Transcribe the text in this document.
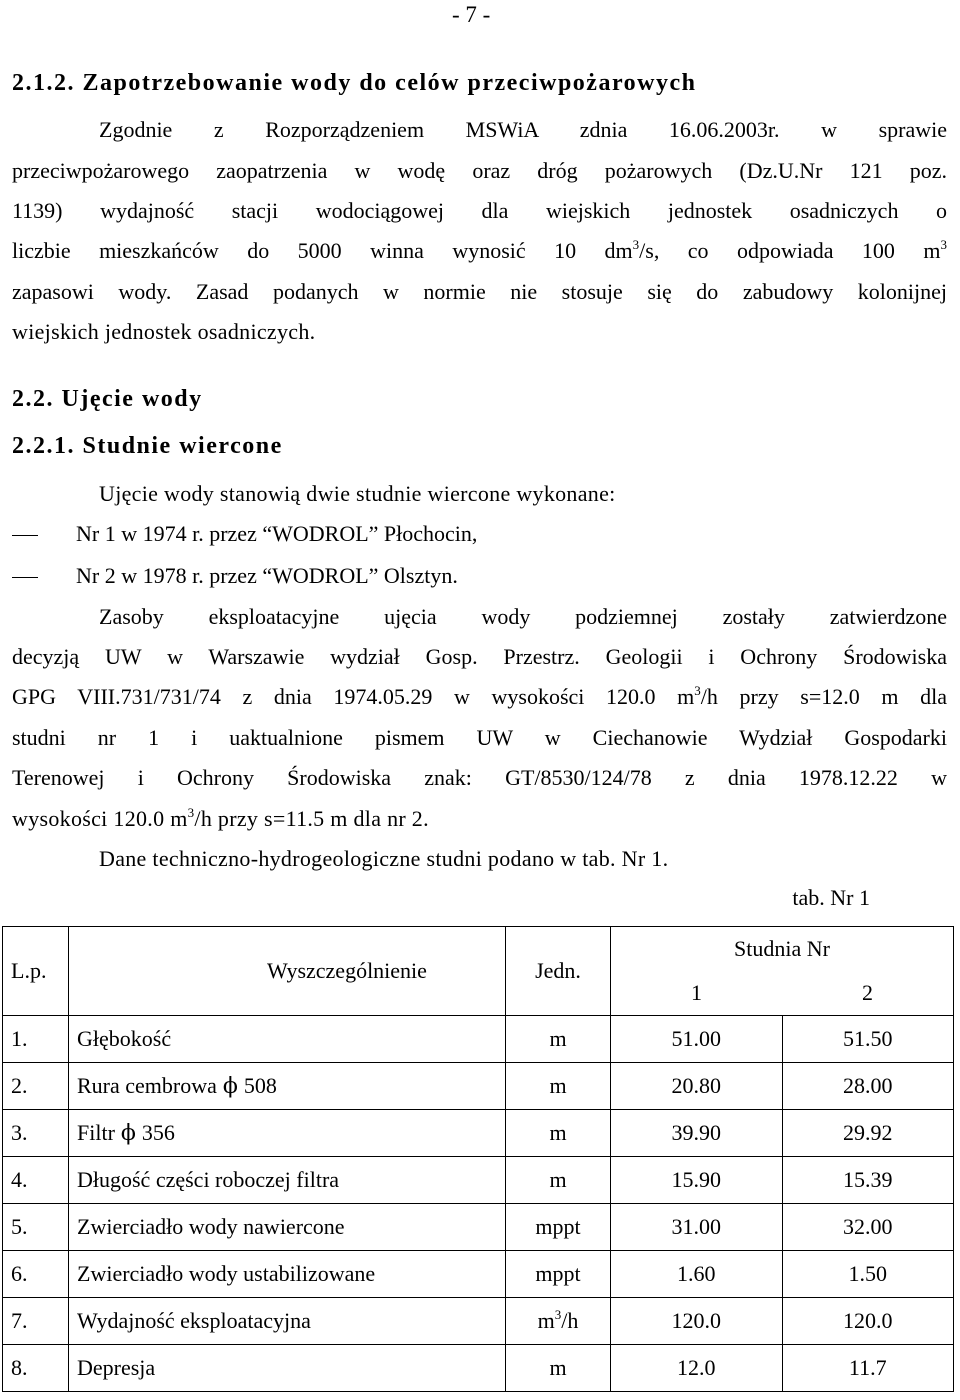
- 7 -
2.1.2. Zapotrzebowanie wody do celów przeciwpożarowych
Zgodnie z Rozporządzeniem MSWiA zdnia 16.06.2003r. w sprawie
przeciwpożarowego zaopatrzenia w wodę oraz dróg pożarowych (Dz.U.Nr 121 poz.
1139) wydajność stacji wodociągowej dla wiejskich jednostek osadniczych o
liczbie mieszkańców do 5000 winna wynosić 10 $dm^3/s$, co odpowiada 100 $m^3$
zapasowi wody. Zasad podanych w normie nie stosuje się do zabudowy kolonijnej
wiejskich jednostek osadniczych.
2.2. Ujęcie wody
2.2.1. Studnie wiercone
Ujęcie wody stanowią dwie studnie wiercone wykonane:
Nr 1 w 1974 r. przez “WODROL” Płochocin,
Nr 2 w 1978 r. przez “WODROL” Olsztyn.
Zasoby eksploatacyjne ujęcia wody podziemnej zostały zatwierdzone
decyzją UW w Warszawie wydział Gosp. Przestrz. Geologii i Ochrony Środowiska
GPG VIII.731/731/74 z dnia 1974.05.29 w wysokości 120.0 $m^3/h$ przy s=12.0 m dla
studni nr 1 i uaktualnione pismem UW w Ciechanowie Wydział Gospodarki
Terenowej i Ochrony Środowiska znak: GT/8530/124/78 z dnia 1978.12.22 w
wysokości 120.0 $m^3/h$ przy s=11.5 m dla nr 2.
Dane techniczno-hydrogeologiczne studni podano w tab. Nr 1.
tab. Nr 1
L.p.	Wyszczególnienie	Jedn.	Studnia Nr	
			1	2
1.	Głębokość	m	51.00	51.50
2.	Rura cembrowa ϕ 508	m	20.80	28.00
3.	Filtr ϕ 356	m	39.90	29.92
4.	Długość części roboczej filtra	m	15.90	15.39
5.	Zwierciadło wody nawiercone	mppt	31.00	32.00
6.	Zwierciadło wody ustabilizowane	mppt	1.60	1.50
7.	Wydajność eksploatacyjna	$m^3/h$	120.0	120.0
8.	Depresja	m	12.0	11.7
